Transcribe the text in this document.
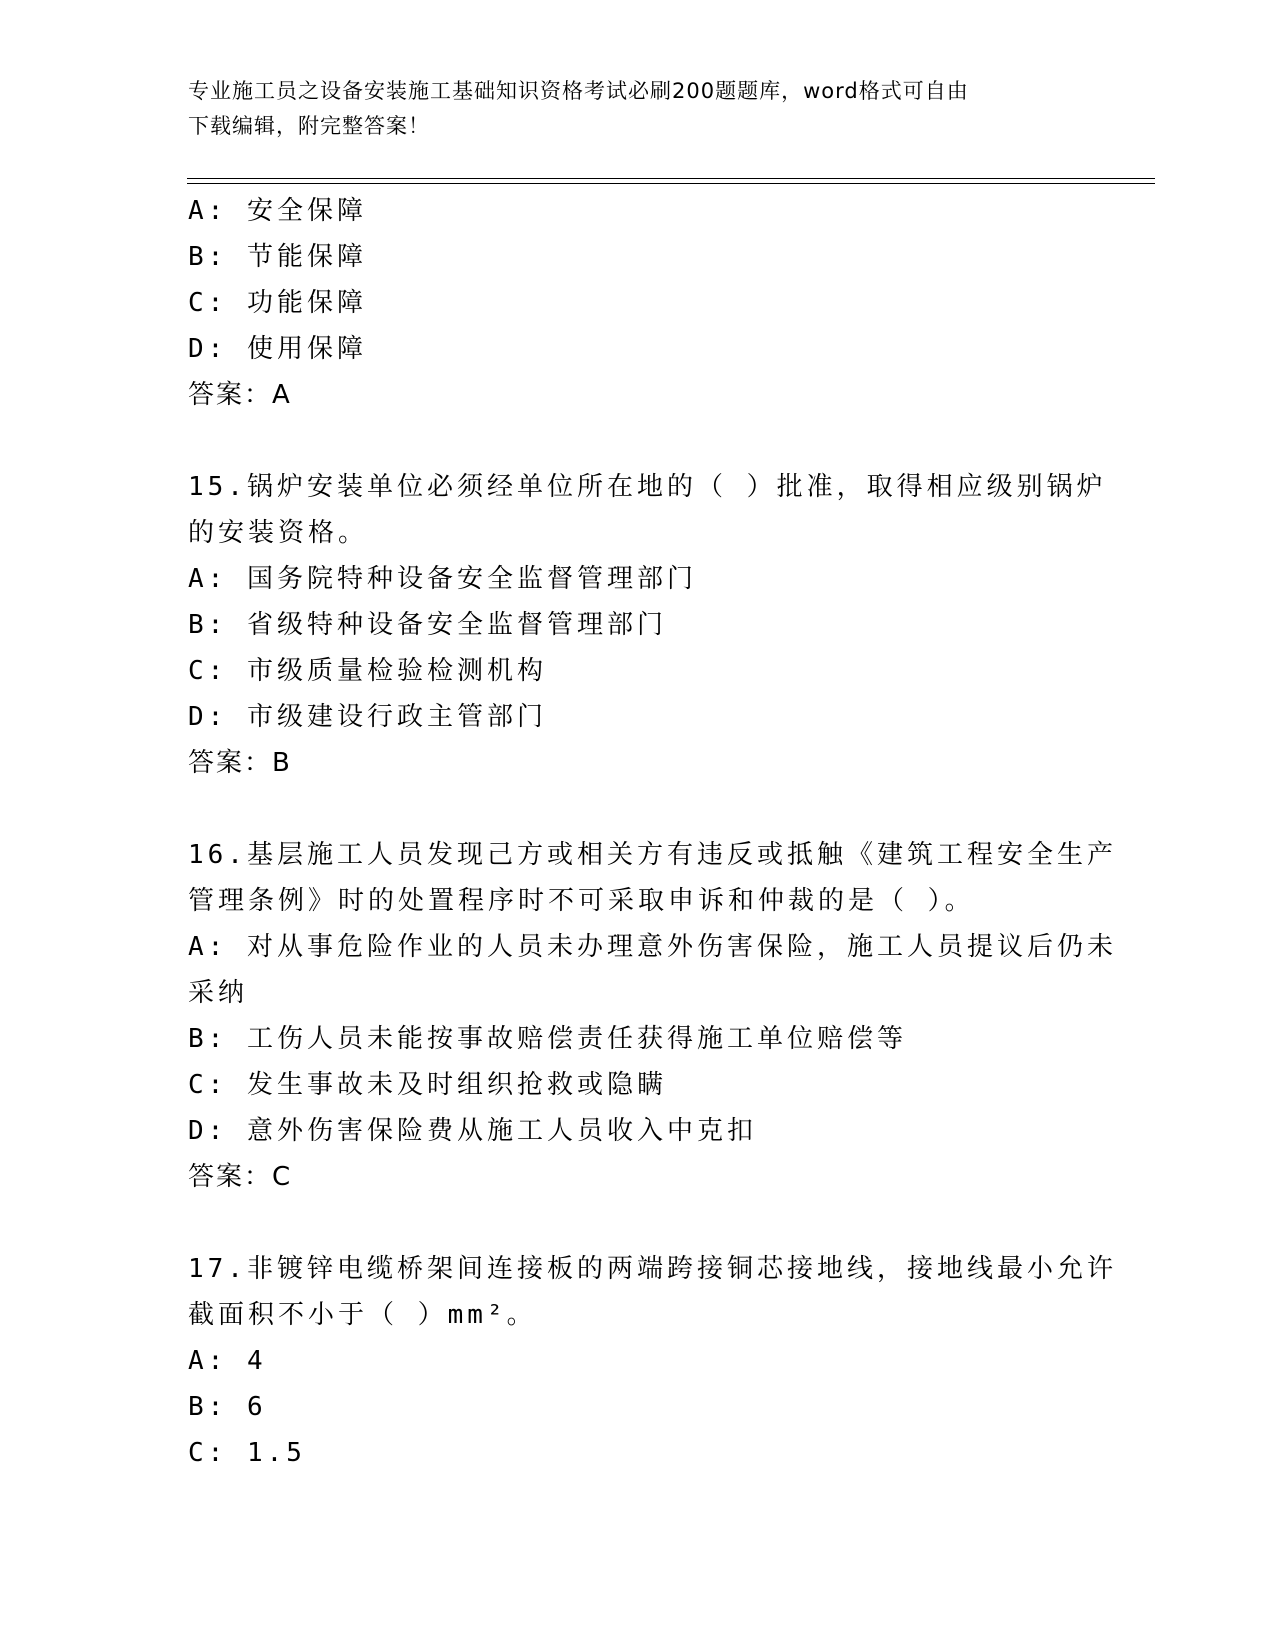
专业施工员之设备安装施工基础知识资格考试必刷200题题库，word格式可自由
下载编辑，附完整答案！
A: 安全保障
B: 节能保障
C: 功能保障
D: 使用保障
答案：A
15.锅炉安装单位必须经单位所在地的（ ）批准，取得相应级别锅炉
的安装资格。
A: 国务院特种设备安全监督管理部门
B: 省级特种设备安全监督管理部门
C: 市级质量检验检测机构
D: 市级建设行政主管部门
答案：B
16.基层施工人员发现己方或相关方有违反或抵触《建筑工程安全生产
管理条例》时的处置程序时不可采取申诉和仲裁的是（ ）。
A: 对从事危险作业的人员未办理意外伤害保险，施工人员提议后仍未
采纳
B: 工伤人员未能按事故赔偿责任获得施工单位赔偿等
C: 发生事故未及时组织抢救或隐瞒
D: 意外伤害保险费从施工人员收入中克扣
答案：C
17.非镀锌电缆桥架间连接板的两端跨接铜芯接地线，接地线最小允许
截面积不小于（ ）mm²。
A: 4
B: 6
C: 1.5
